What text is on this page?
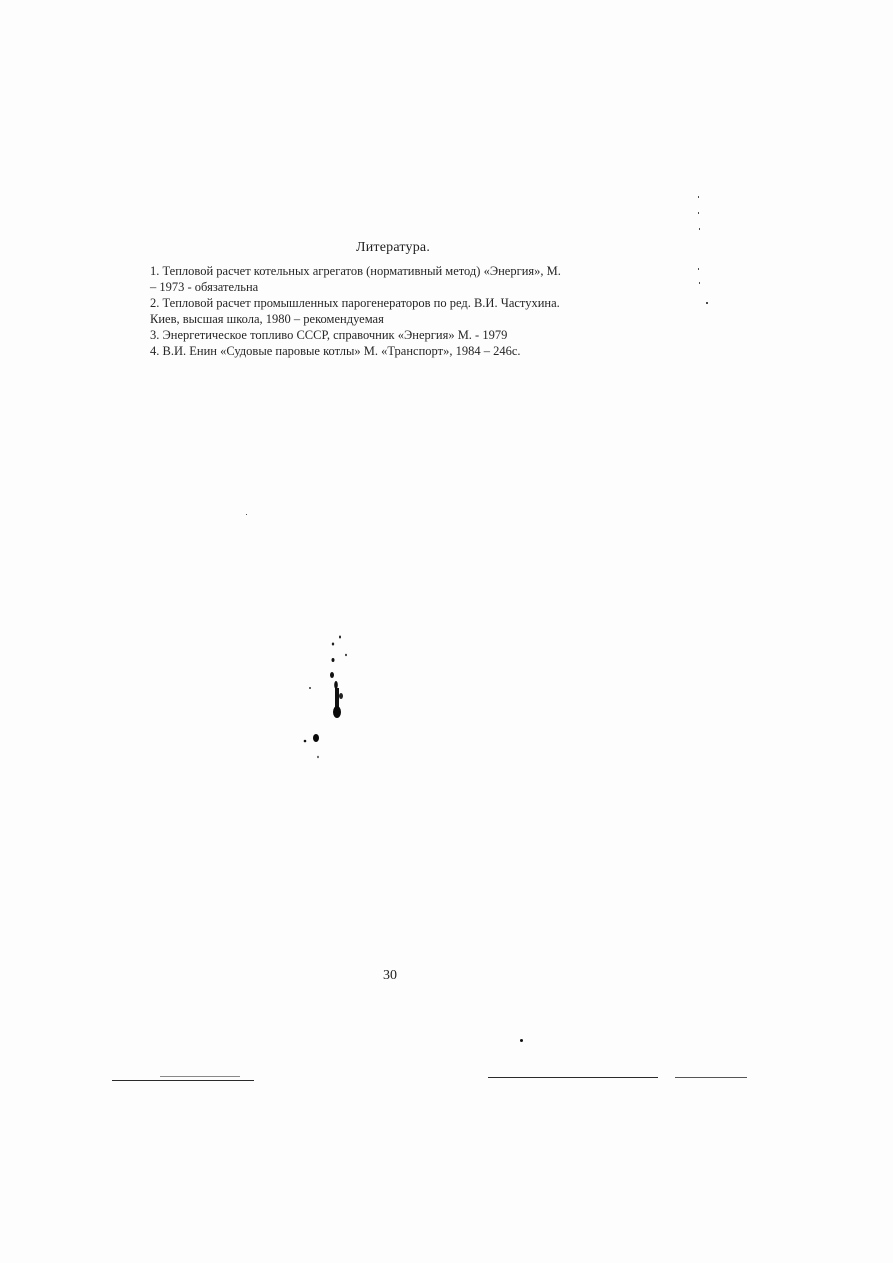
Литература.
1. Тепловой расчет котельных агрегатов (нормативный метод) «Энергия», М.
– 1973 - обязательна
2. Тепловой расчет промышленных парогенераторов по ред. В.И. Частухина.
Киев, высшая школа, 1980 – рекомендуемая
3. Энергетическое топливо СССР, справочник «Энергия» М. - 1979
4. В.И. Енин «Судовые паровые котлы» М. «Транспорт», 1984 – 246с.
30
